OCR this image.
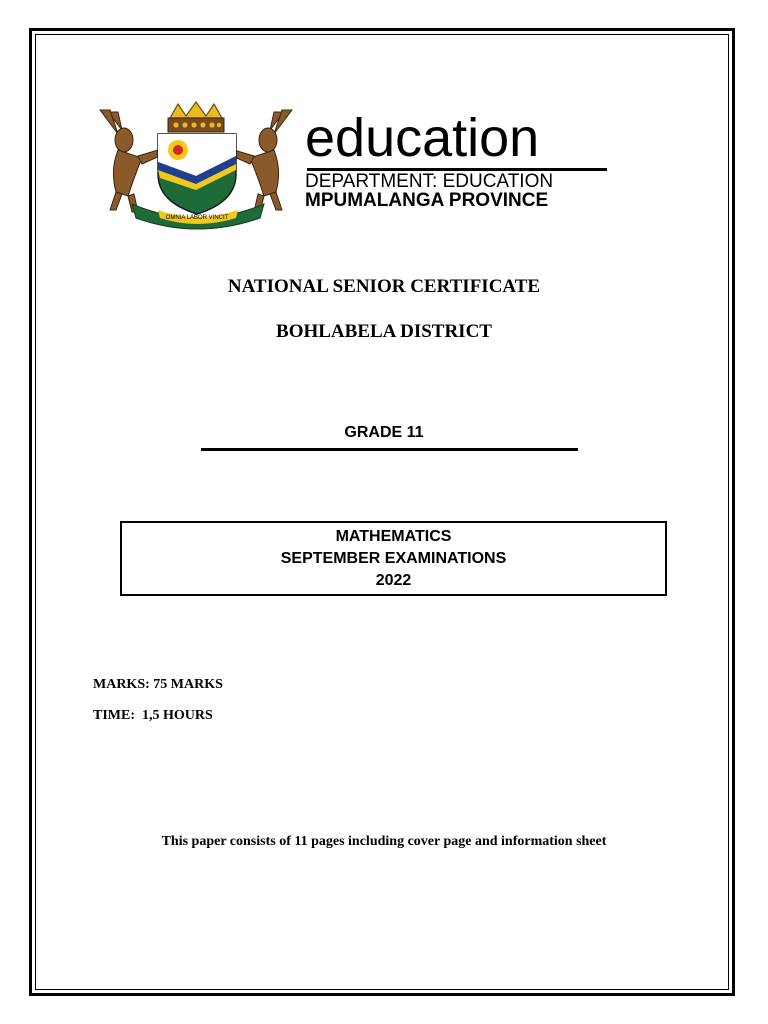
OMNIA LABOR VINCIT
education
DEPARTMENT: EDUCATION
MPUMALANGA PROVINCE
NATIONAL SENIOR CERTIFICATE
BOHLABELA DISTRICT
GRADE 11
MATHEMATICS
SEPTEMBER EXAMINATIONS
2022
MARKS: 75 MARKS
TIME:  1,5 HOURS
This paper consists of 11 pages including cover page and information sheet
